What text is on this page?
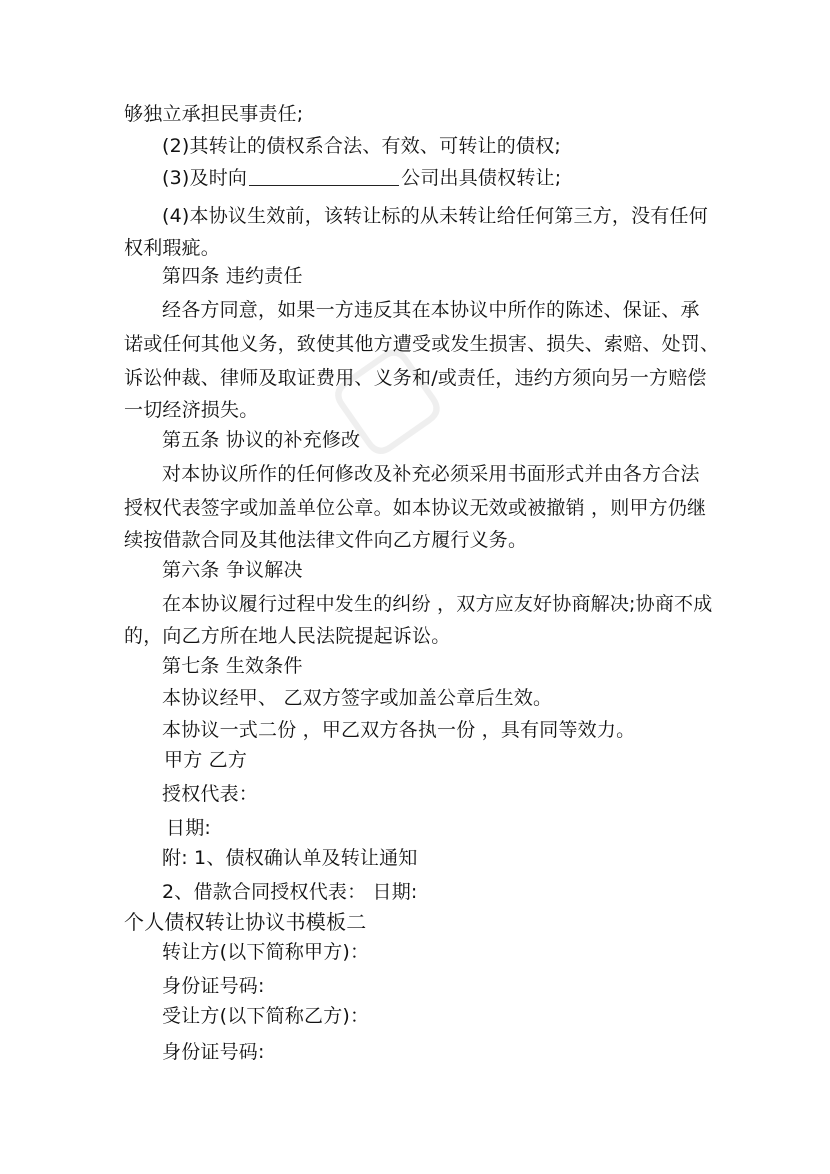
▢
够独立承担民事责任;
(2)其转让的债权系合法、有效、可转让的债权;
(3)及时向	公司出具债权转让;
(4)本协议生效前，该转让标的从未转让给任何第三方，没有任何
权利瑕疵。
第四条 违约责任
经各方同意，如果一方违反其在本协议中所作的陈述、保证、承
诺或任何其他义务，致使其他方遭受或发生损害、损失、索赔、处罚、
诉讼仲裁、律师及取证费用、义务和/或责任，违约方须向另一方赔偿
一切经济损失。
第五条 协议的补充修改
对本协议所作的任何修改及补充必须采用书面形式并由各方合法
授权代表签字或加盖单位公章。如本协议无效或被撤销 ，则甲方仍继
续按借款合同及其他法律文件向乙方履行义务。
第六条 争议解决
在本协议履行过程中发生的纠纷 ，双方应友好协商解决;协商不成
的，向乙方所在地人民法院提起诉讼。
第七条 生效条件
本协议经甲、 乙双方签字或加盖公章后生效。
本协议一式二份 ，甲乙双方各执一份 ，具有同等效力。
甲方 乙方
授权代表：
日期:
附: 1、债权确认单及转让通知
2、借款合同授权代表： 日期:
个人债权转让协议书模板二
转让方(以下简称甲方)：
身份证号码:
受让方(以下简称乙方)：
身份证号码:
